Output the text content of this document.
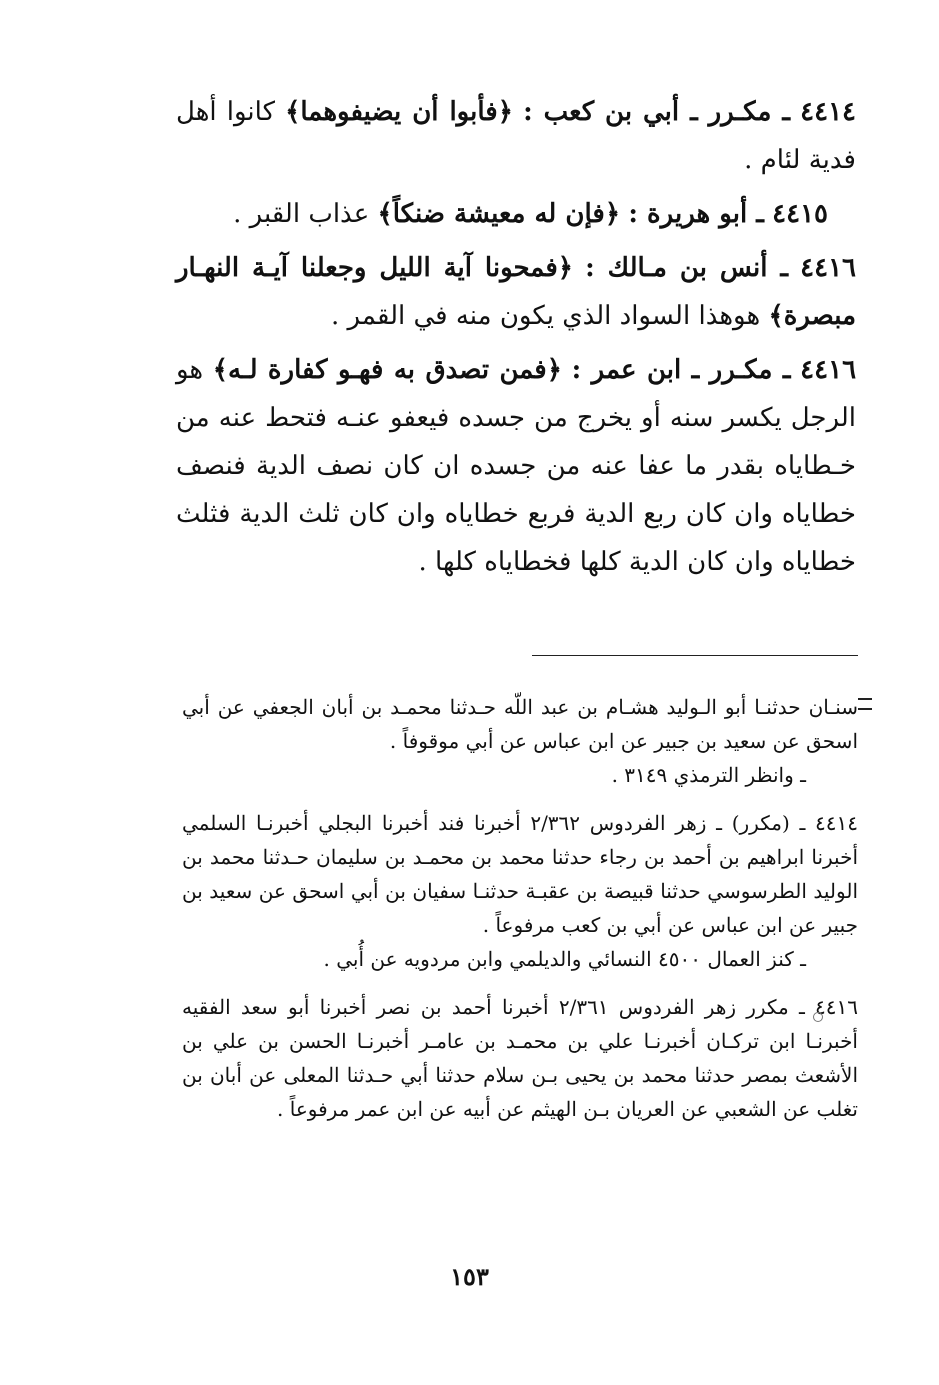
٤٤١٤ ـ مكـرر ـ أبي بن كعب : ﴿فأبوا أن يضيفوهما﴾ كانوا أهل فدية لئام .

٤٤١٥ ـ أبو هريرة : ﴿فإن له معيشة ضنكاً﴾ عذاب القبر .

٤٤١٦ ـ أنس بن مـالك : ﴿فمحونا آية الليل وجعلنا آيـة النهـار مبصرة﴾ هوهذا السواد الذي يكون منه في القمر .

٤٤١٦ ـ مكـرر ـ ابن عمر : ﴿فمن تصدق به فهـو كفارة لـه﴾ هو الرجل يكسر سنه أو يخرج من جسده فيعفو عنـه فتحط عنه من خـطاياه بقدر ما عفا عنه من جسده ان كان نصف الدية فنصف خطاياه وان كان ربع الدية فربع خطاياه وان كان ثلث الدية فثلث خطاياه وان كان الدية كلها فخطاياه كلها .

سنـان حدثنـا أبو الـوليد هشـام بن عبد اللّه حـدثنا محمـد بن أبان الجعفي عن أبي اسحق عن سعيد بن جبير عن ابن عباس عن أبي موقوفاً .
ـ وانظر الترمذي ٣١٤٩ .
٤٤١٤ ـ (مكرر) ـ زهر الفردوس ٢/٣٦٢ أخبرنا فند أخبرنا البجلي أخبرنـا السلمي أخبرنا ابراهيم بن أحمد بن رجاء حدثنا محمد بن محمـد بن سليمان حـدثنا محمد بن الوليد الطرسوسي حدثنا قبيصة بن عقبـة حدثنـا سفيان بن أبي اسحق عن سعيد بن جبير عن ابن عباس عن أبي بن كعب مرفوعاً .
ـ كنز العمال ٤٥٠٠ النسائي والديلمي وابن مردويه عن أُبي .
٤٤١٦ ـ مكرر زهر الفردوس ٢/٣٦١ أخبرنا أحمد بن نصر أخبرنا أبو سعد الفقيه أخبرنـا ابن تركـان أخبرنـا علي بن محمـد بن عامـر أخبرنـا الحسن بن علي بن الأشعث بمصر حدثنا محمد بن يحيى بـن سلام حدثنا أبي حـدثنا المعلى عن أبان بن تغلب عن الشعبي عن العريان بـن الهيثم عن أبيه عن ابن عمر مرفوعاً .
١٥٣
